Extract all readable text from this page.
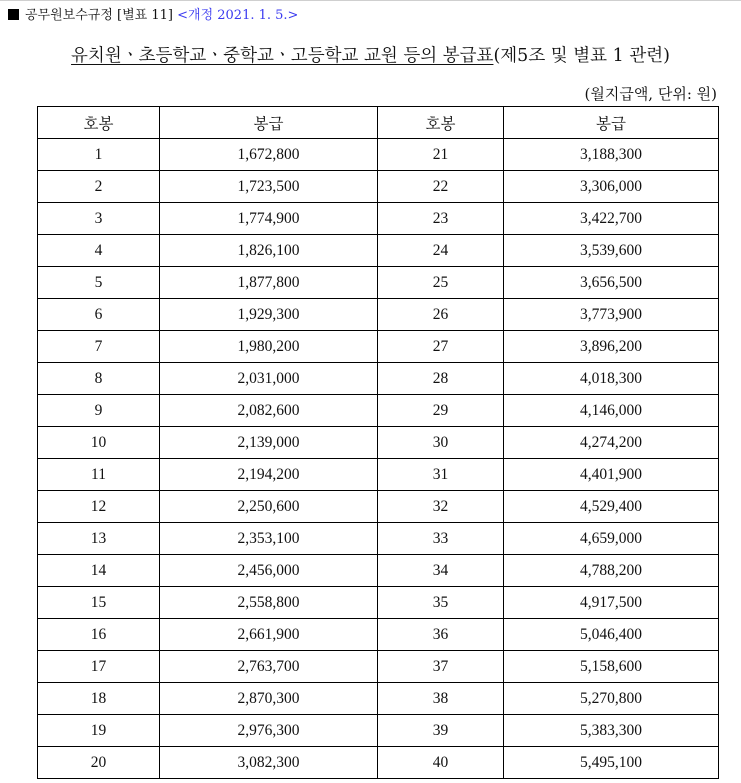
공무원보수규정 [별표 11] <개정 2021. 1. 5.>
유치원ㆍ초등학교ㆍ중학교ㆍ고등학교 교원 등의 봉급표(제5조 및 별표 1 관련)
(월지급액, 단위: 원)
호봉	봉급	호봉	봉급
1	1,672,800	21	3,188,300
2	1,723,500	22	3,306,000
3	1,774,900	23	3,422,700
4	1,826,100	24	3,539,600
5	1,877,800	25	3,656,500
6	1,929,300	26	3,773,900
7	1,980,200	27	3,896,200
8	2,031,000	28	4,018,300
9	2,082,600	29	4,146,000
10	2,139,000	30	4,274,200
11	2,194,200	31	4,401,900
12	2,250,600	32	4,529,400
13	2,353,100	33	4,659,000
14	2,456,000	34	4,788,200
15	2,558,800	35	4,917,500
16	2,661,900	36	5,046,400
17	2,763,700	37	5,158,600
18	2,870,300	38	5,270,800
19	2,976,300	39	5,383,300
20	3,082,300	40	5,495,100
